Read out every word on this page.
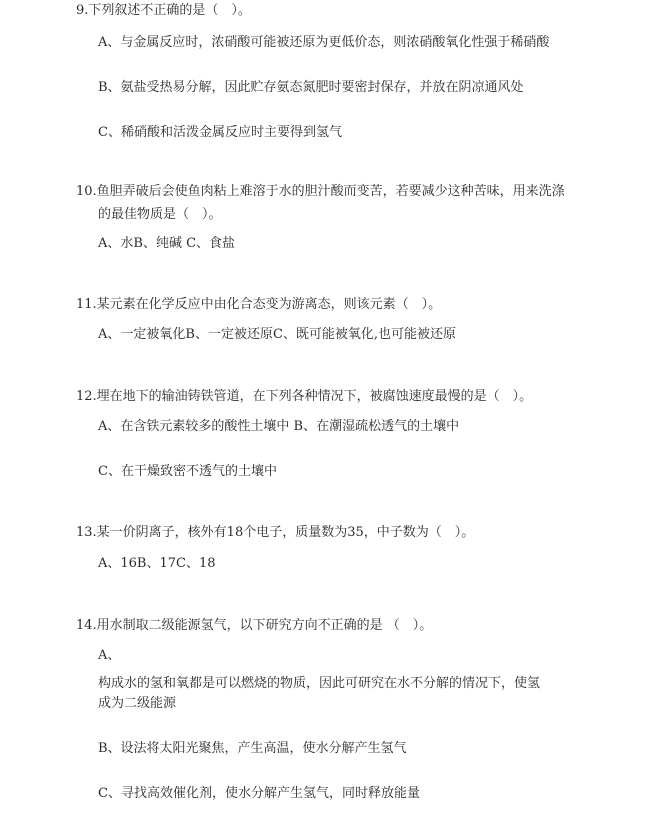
9.下列叙述不正确的是（　）。
A、与金属反应时，浓硝酸可能被还原为更低价态，则浓硝酸氧化性强于稀硝酸
B、氨盐受热易分解，因此贮存氨态氮肥时要密封保存，并放在阴凉通风处
C、稀硝酸和活泼金属反应时主要得到氢气
10.鱼胆弄破后会使鱼肉粘上难溶于水的胆汁酸而变苦，若要减少这种苦味，用来洗涤
的最佳物质是（　）。
A、水B、纯碱 C、食盐
11.某元素在化学反应中由化合态变为游离态，则该元素（　）。
A、一定被氧化B、一定被还原C、既可能被氧化,也可能被还原
12.埋在地下的输油铸铁管道，在下列各种情况下，被腐蚀速度最慢的是（　）。
A、在含铁元素较多的酸性土壤中 B、在潮湿疏松透气的土壤中
C、在干燥致密不透气的土壤中
13.某一价阴离子，核外有18个电子，质量数为35，中子数为（　）。
A、16B、17C、18
14.用水制取二级能源氢气，以下研究方向不正确的是 （　）。
A、
构成水的氢和氧都是可以燃烧的物质，因此可研究在水不分解的情况下，使氢
成为二级能源
B、设法将太阳光聚焦，产生高温，使水分解产生氢气
C、寻找高效催化剂，使水分解产生氢气，同时释放能量
